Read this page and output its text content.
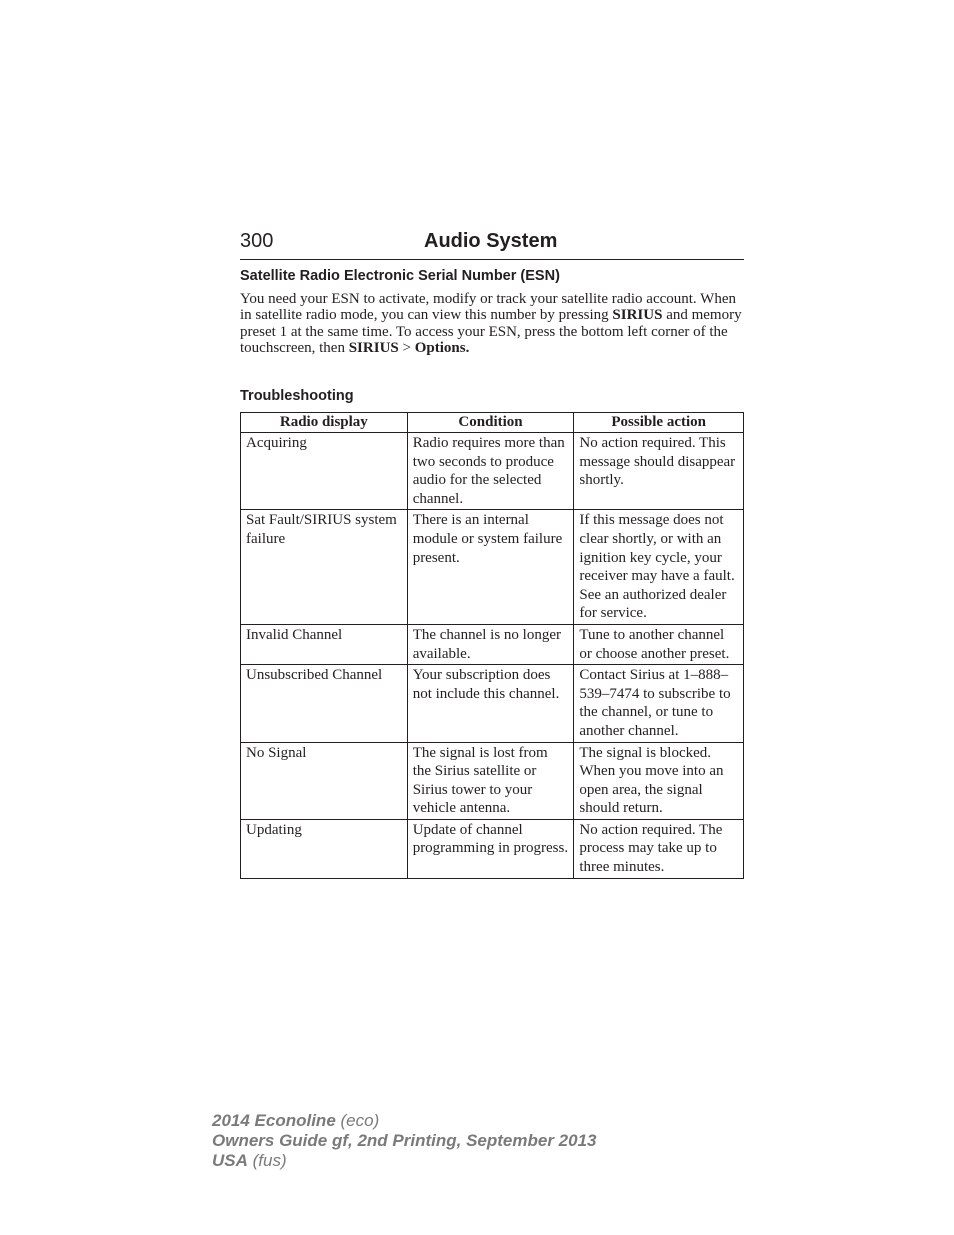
300	Audio System
Satellite Radio Electronic Serial Number (ESN)

You need your ESN to activate, modify or track your satellite radio account. When in satellite radio mode, you can view this number by pressing SIRIUS and memory preset 1 at the same time. To access your ESN, press the bottom left corner of the touchscreen, then SIRIUS > Options.

Troubleshooting
Radio display	Condition	Possible action
Acquiring	Radio requires more than two seconds to produce audio for the selected channel.	No action required. This message should disappear shortly.
Sat Fault/SIRIUS system failure	There is an internal module or system failure present.	If this message does not clear shortly, or with an ignition key cycle, your receiver may have a fault. See an authorized dealer for service.
Invalid Channel	The channel is no longer available.	Tune to another channel or choose another preset.
Unsubscribed Channel	Your subscription does not include this channel.	Contact Sirius at 1–888–539–7474 to subscribe to the channel, or tune to another channel.
No Signal	The signal is lost from the Sirius satellite or Sirius tower to your vehicle antenna.	The signal is blocked. When you move into an open area, the signal should return.
Updating	Update of channel programming in progress.	No action required. The process may take up to three minutes.
2014 Econoline (eco)
Owners Guide gf, 2nd Printing, September 2013
USA (fus)
